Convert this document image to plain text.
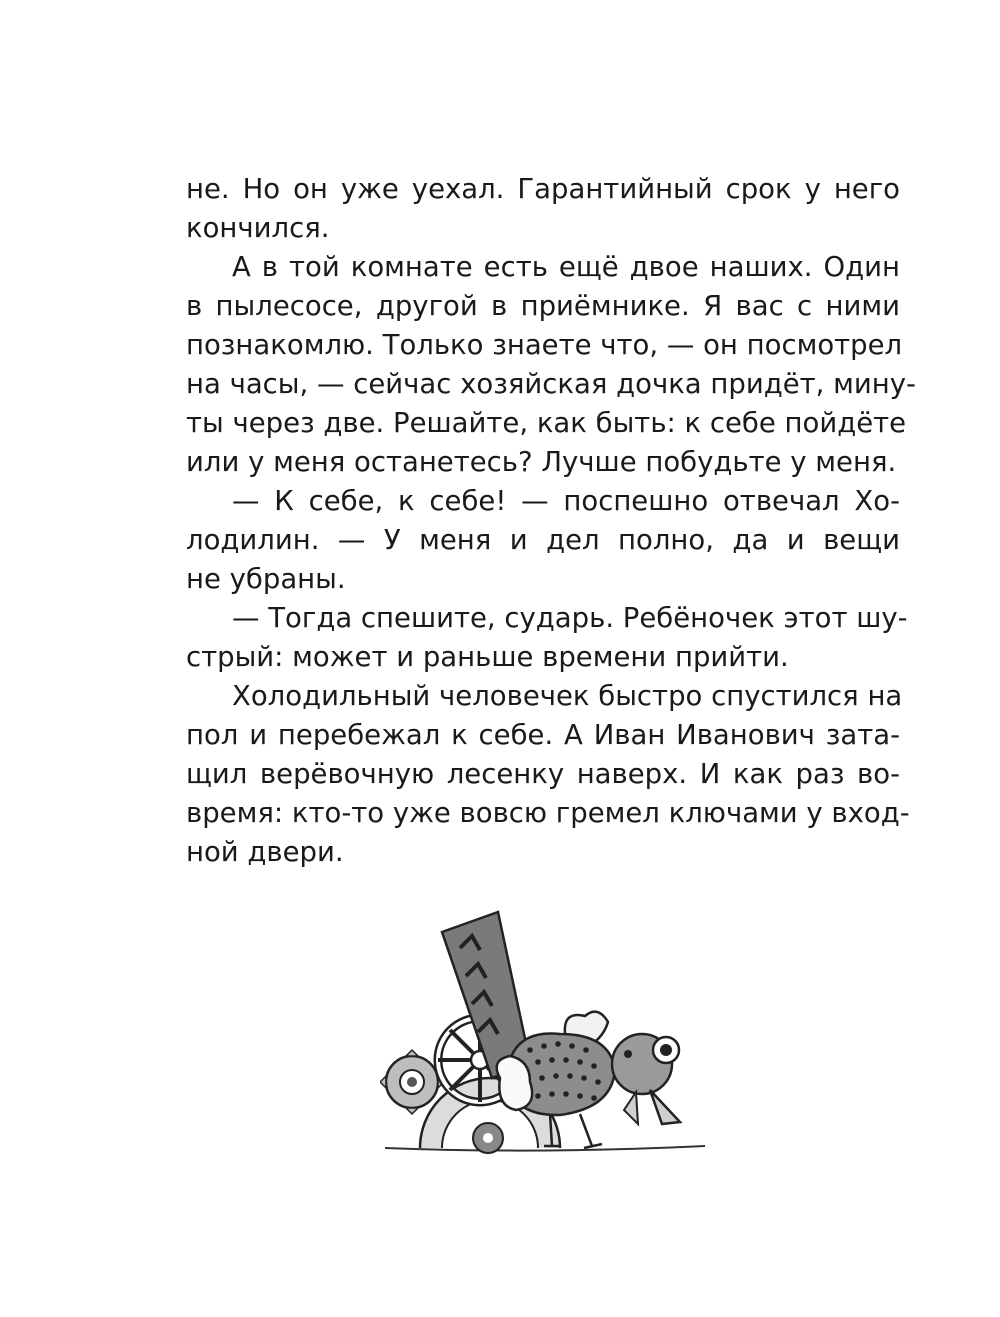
не. Но он уже уехал. Гарантийный срок у него
кончился.
А в той комнате есть ещё двое наших. Один
в пылесосе, другой в приёмнике. Я вас с ними
познакомлю. Только знаете что, — он посмотрел
на часы, — сейчас хозяйская дочка придёт, мину-
ты через две. Решайте, как быть: к себе пойдёте
или у меня останетесь? Лучше побудьте у меня.
— К себе, к себе! — поспешно отвечал Хо-
лодилин. — У меня и дел полно, да и вещи
не убраны.
— Тогда спешите, сударь. Ребёночек этот шу-
стрый: может и раньше времени прийти.
Холодильный человечек быстро спустился на
пол и перебежал к себе. А Иван Иванович зата-
щил верёвочную лесенку наверх. И как раз во-
время: кто-то уже вовсю гремел ключами у вход-
ной двери.
